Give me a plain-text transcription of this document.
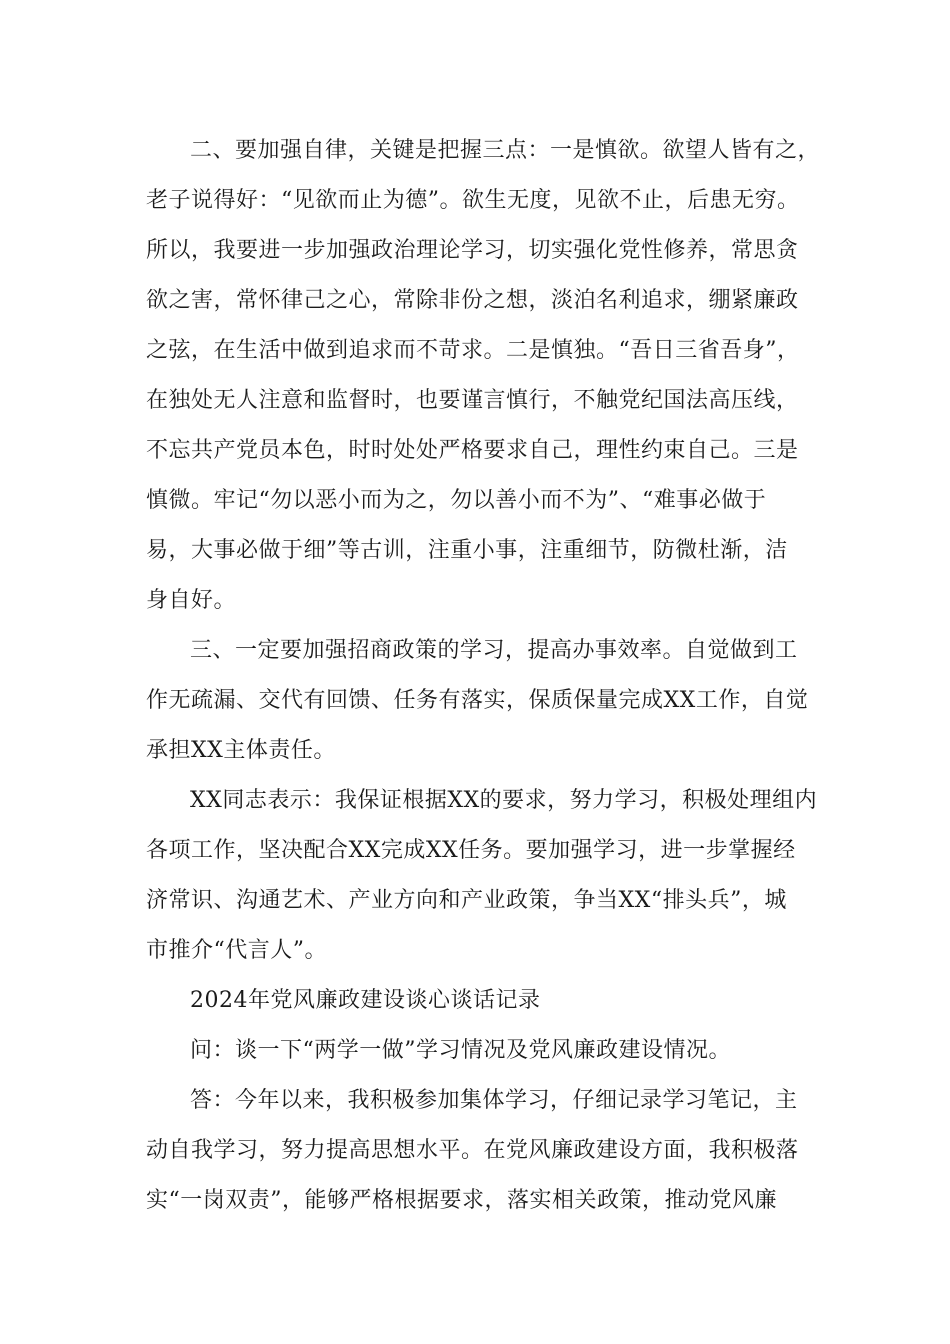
二、要加强自律，关键是把握三点：一是慎欲。欲望人皆有之，
老子说得好：“见欲而止为德”。欲生无度，见欲不止，后患无穷。
所以，我要进一步加强政治理论学习，切实强化党性修养，常思贪
欲之害，常怀律己之心，常除非份之想，淡泊名利追求，绷紧廉政
之弦，在生活中做到追求而不苛求。二是慎独。“吾日三省吾身”，
在独处无人注意和监督时，也要谨言慎行，不触党纪国法高压线，
不忘共产党员本色，时时处处严格要求自己，理性约束自己。三是
慎微。牢记“勿以恶小而为之，勿以善小而不为”、“难事必做于
易，大事必做于细”等古训，注重小事，注重细节，防微杜渐，洁
身自好。
三、一定要加强招商政策的学习，提高办事效率。自觉做到工
作无疏漏、交代有回馈、任务有落实，保质保量完成XX工作，自觉
承担XX主体责任。
XX同志表示：我保证根据XX的要求，努力学习，积极处理组内
各项工作，坚决配合XX完成XX任务。要加强学习，进一步掌握经
济常识、沟通艺术、产业方向和产业政策，争当XX“排头兵”，城
市推介“代言人”。
2024年党风廉政建设谈心谈话记录
问：谈一下“两学一做”学习情况及党风廉政建设情况。
答：今年以来，我积极参加集体学习，仔细记录学习笔记，主
动自我学习，努力提高思想水平。在党风廉政建设方面，我积极落
实“一岗双责”，能够严格根据要求，落实相关政策，推动党风廉
